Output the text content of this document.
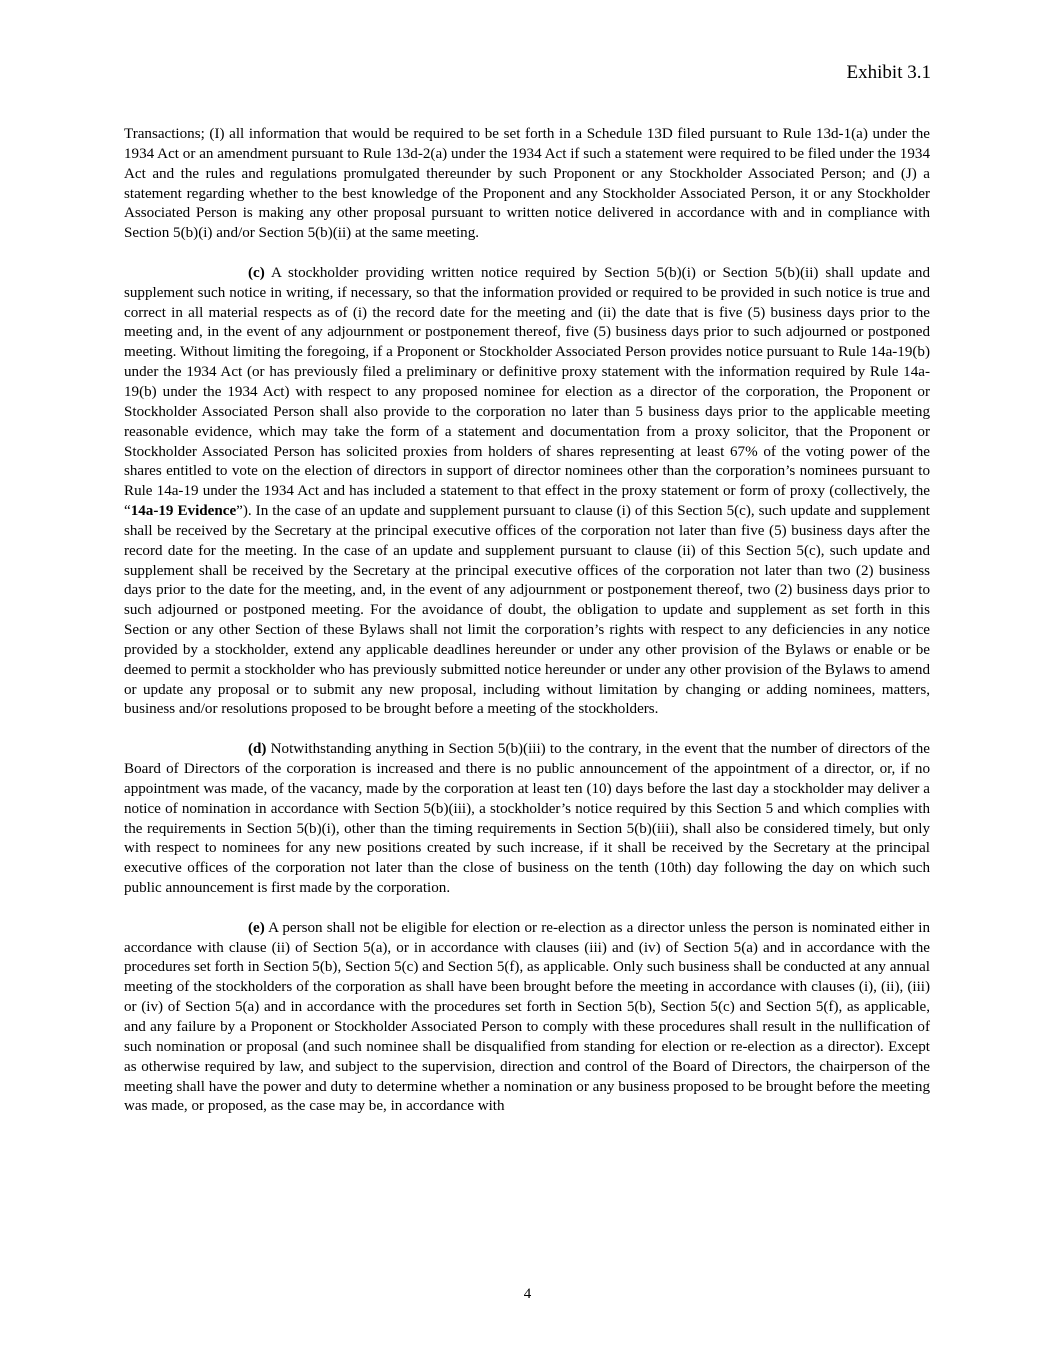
Exhibit 3.1

Transactions; (I) all information that would be required to be set forth in a Schedule 13D filed pursuant to Rule 13d-1(a) under the 1934 Act or an amendment pursuant to Rule 13d-2(a) under the 1934 Act if such a statement were required to be filed under the 1934 Act and the rules and regulations promulgated thereunder by such Proponent or any Stockholder Associated Person; and (J) a statement regarding whether to the best knowledge of the Proponent and any Stockholder Associated Person, it or any Stockholder Associated Person is making any other proposal pursuant to written notice delivered in accordance with and in compliance with Section 5(b)(i) and/or Section 5(b)(ii) at the same meeting.

(c) A stockholder providing written notice required by Section 5(b)(i) or Section 5(b)(ii) shall update and supplement such notice in writing, if necessary, so that the information provided or required to be provided in such notice is true and correct in all material respects as of (i) the record date for the meeting and (ii) the date that is five (5) business days prior to the meeting and, in the event of any adjournment or postponement thereof, five (5) business days prior to such adjourned or postponed meeting. Without limiting the foregoing, if a Proponent or Stockholder Associated Person provides notice pursuant to Rule 14a-19(b) under the 1934 Act (or has previously filed a preliminary or definitive proxy statement with the information required by Rule 14a-19(b) under the 1934 Act) with respect to any proposed nominee for election as a director of the corporation, the Proponent or Stockholder Associated Person shall also provide to the corporation no later than 5 business days prior to the applicable meeting reasonable evidence, which may take the form of a statement and documentation from a proxy solicitor, that the Proponent or Stockholder Associated Person has solicited proxies from holders of shares representing at least 67% of the voting power of the shares entitled to vote on the election of directors in support of director nominees other than the corporation’s nominees pursuant to Rule 14a-19 under the 1934 Act and has included a statement to that effect in the proxy statement or form of proxy (collectively, the “14a-19 Evidence”). In the case of an update and supplement pursuant to clause (i) of this Section 5(c), such update and supplement shall be received by the Secretary at the principal executive offices of the corporation not later than five (5) business days after the record date for the meeting. In the case of an update and supplement pursuant to clause (ii) of this Section 5(c), such update and supplement shall be received by the Secretary at the principal executive offices of the corporation not later than two (2) business days prior to the date for the meeting, and, in the event of any adjournment or postponement thereof, two (2) business days prior to such adjourned or postponed meeting. For the avoidance of doubt, the obligation to update and supplement as set forth in this Section or any other Section of these Bylaws shall not limit the corporation’s rights with respect to any deficiencies in any notice provided by a stockholder, extend any applicable deadlines hereunder or under any other provision of the Bylaws or enable or be deemed to permit a stockholder who has previously submitted notice hereunder or under any other provision of the Bylaws to amend or update any proposal or to submit any new proposal, including without limitation by changing or adding nominees, matters, business and/or resolutions proposed to be brought before a meeting of the stockholders.

(d) Notwithstanding anything in Section 5(b)(iii) to the contrary, in the event that the number of directors of the Board of Directors of the corporation is increased and there is no public announcement of the appointment of a director, or, if no appointment was made, of the vacancy, made by the corporation at least ten (10) days before the last day a stockholder may deliver a notice of nomination in accordance with Section 5(b)(iii), a stockholder’s notice required by this Section 5 and which complies with the requirements in Section 5(b)(i), other than the timing requirements in Section 5(b)(iii), shall also be considered timely, but only with respect to nominees for any new positions created by such increase, if it shall be received by the Secretary at the principal executive offices of the corporation not later than the close of business on the tenth (10th) day following the day on which such public announcement is first made by the corporation.

(e) A person shall not be eligible for election or re-election as a director unless the person is nominated either in accordance with clause (ii) of Section 5(a), or in accordance with clauses (iii) and (iv) of Section 5(a) and in accordance with the procedures set forth in Section 5(b), Section 5(c) and Section 5(f), as applicable. Only such business shall be conducted at any annual meeting of the stockholders of the corporation as shall have been brought before the meeting in accordance with clauses (i), (ii), (iii) or (iv) of Section 5(a) and in accordance with the procedures set forth in Section 5(b), Section 5(c) and Section 5(f), as applicable, and any failure by a Proponent or Stockholder Associated Person to comply with these procedures shall result in the nullification of such nomination or proposal (and such nominee shall be disqualified from standing for election or re-election as a director). Except as otherwise required by law, and subject to the supervision, direction and control of the Board of Directors, the chairperson of the meeting shall have the power and duty to determine whether a nomination or any business proposed to be brought before the meeting was made, or proposed, as the case may be, in accordance with

4
